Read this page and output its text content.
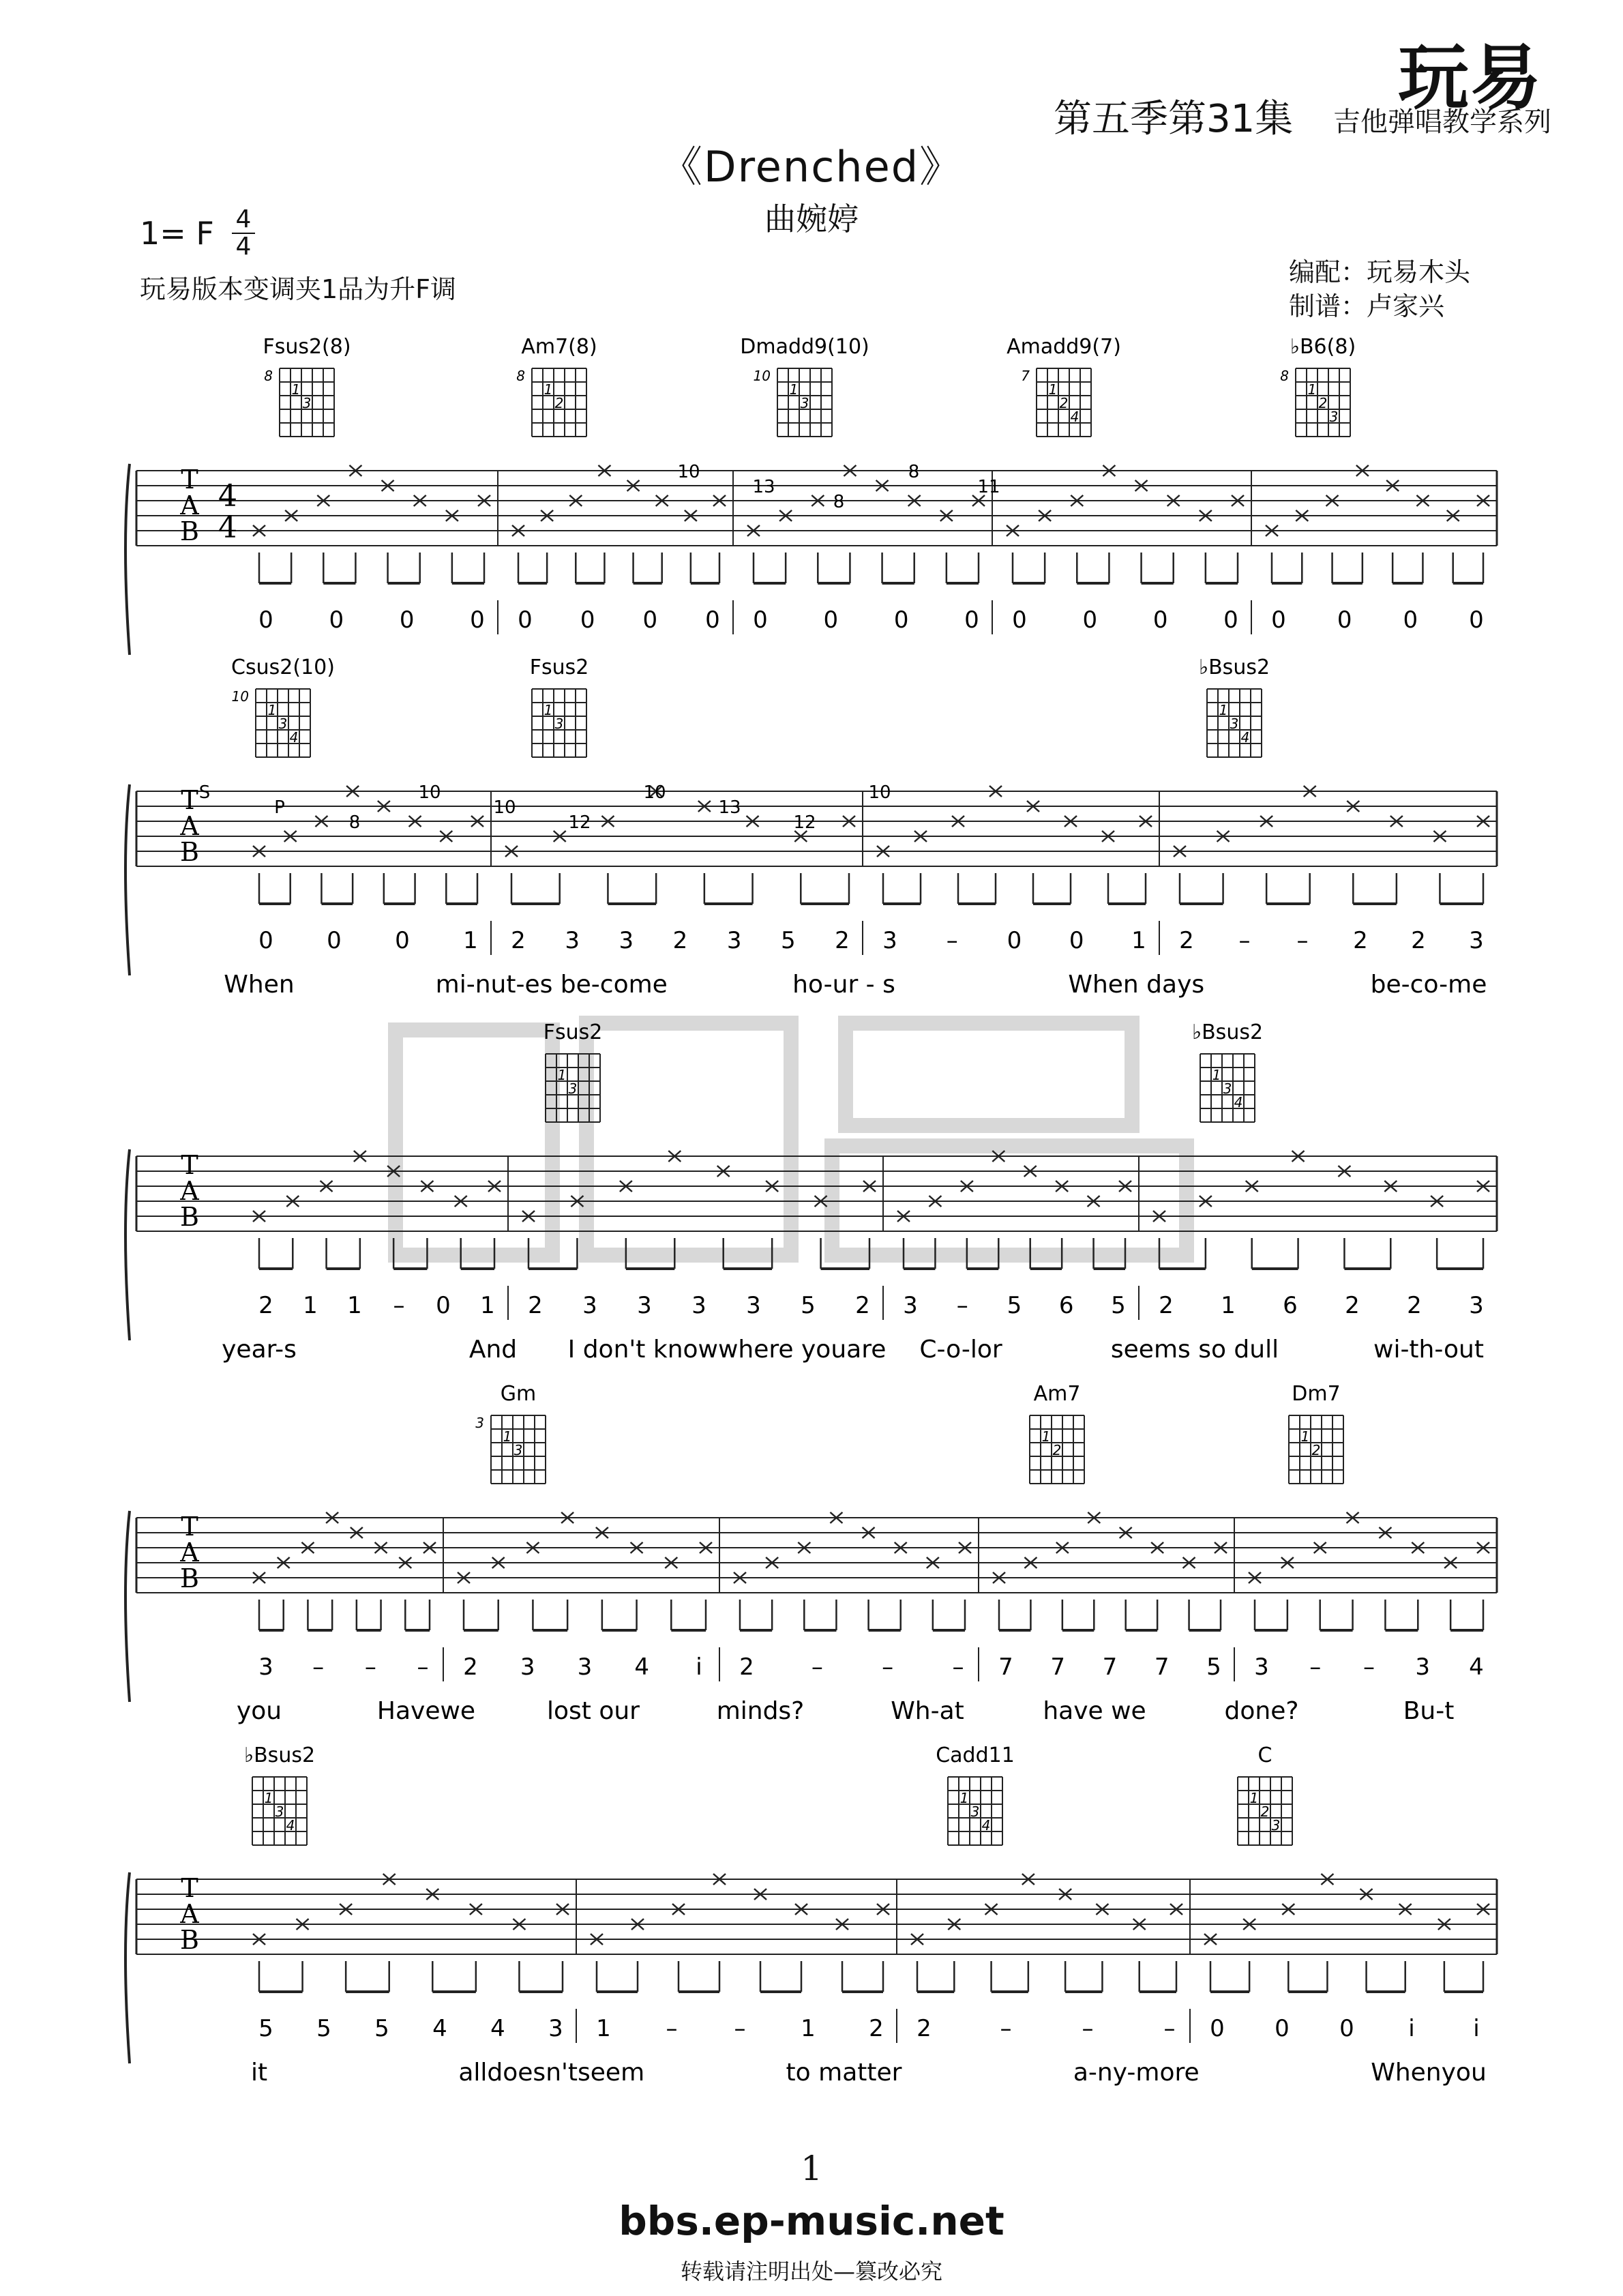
玩易
第五季第31集 吉他弹唱教学系列
《Drenched》
曲婉婷
1= F 4
4
玩易版本变调夹1品为升F调
编配：玩易木头
制谱：卢家兴
T
A
B
4
4
Fsus2(8)
8
1
3
Am7(8)
8
1
2
Dmadd9(10)
10
1
3
Amadd9(7)
7
1
2
4
♭B6(8)
8
1
2
3
10
13
8
8
11
0 0 0 0 0 0 0 0 0 0 0 0 0 0 0 0 0 0 0 0
T
A
B
Csus2(10)
10
1
3
4
Fsus2
1
3
♭Bsus2
1
3
4
S
P
8
10
10
12
10
13
12
10
0 0 0 1 2 3 3 2 3 5 2 3 – 0 0 1 2 – – 2 2 3
When	mi-nut-es be-come	ho-ur - s	When days	be-co-me
T
A
B
Fsus2
1
3
♭Bsus2
1
3
4
2 1 1 – 0 1 2 3 3 3 3 5 2 3 – 5 6 5 2 1 6 2 2 3
year-s	And I don't knowwhere youare C-o-lor	seems so dull	wi-th-out
T
A
B
Gm
3
1
3
Am7
1
2
Dm7
1
2
3 – – – 2 3 3 4 i 2 –	–	– 7 7 7 7 5 3 – – 3 4
you	Havewe	lost our	minds?	Wh-at	have we	done?	Bu-t
T
A
B
♭Bsus2
1
3
4
Cadd11
1
3
4
C
1
2
3
5 5 5 4 4 3 1 – – 1 2 2	–	–	– 0 0 0 i	i
it	alldoesn'tseem	to matter	a-ny-more	Whenyou
1
bbs.ep-music.net
转载请注明出处—篡改必究
